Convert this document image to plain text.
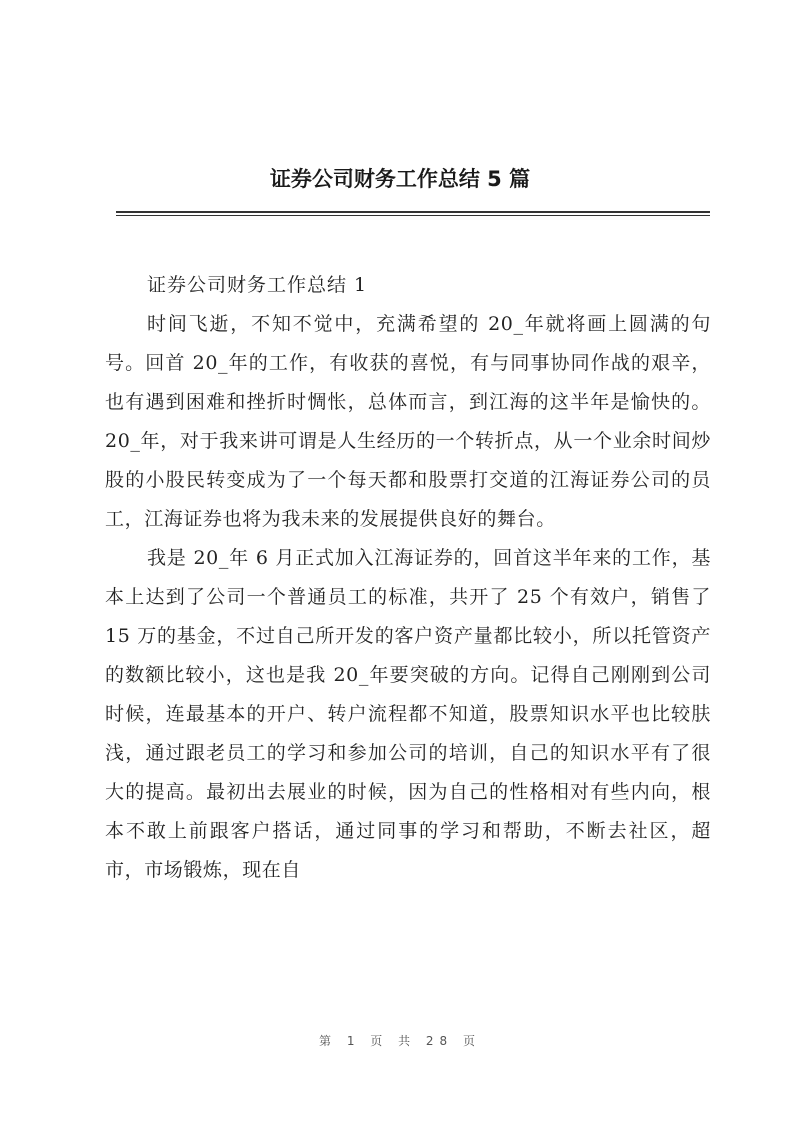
证券公司财务工作总结 5 篇

证券公司财务工作总结 1

时间飞逝，不知不觉中，充满希望的 20_年就将画上圆满的句号。回首 20_年的工作，有收获的喜悦，有与同事协同作战的艰辛，也有遇到困难和挫折时惆怅，总体而言，到江海的这半年是愉快的。20_年，对于我来讲可谓是人生经历的一个转折点，从一个业余时间炒股的小股民转变成为了一个每天都和股票打交道的江海证券公司的员工，江海证券也将为我未来的发展提供良好的舞台。

我是 20_年 6 月正式加入江海证券的，回首这半年来的工作，基本上达到了公司一个普通员工的标准，共开了 25 个有效户，销售了 15 万的基金，不过自己所开发的客户资产量都比较小，所以托管资产的数额比较小，这也是我 20_年要突破的方向。记得自己刚刚到公司时候，连最基本的开户、转户流程都不知道，股票知识水平也比较肤浅，通过跟老员工的学习和参加公司的培训，自己的知识水平有了很大的提高。最初出去展业的时候，因为自己的性格相对有些内向，根本不敢上前跟客户搭话，通过同事的学习和帮助，不断去社区，超市，市场锻炼，现在自

第 1 页 共 28 页
